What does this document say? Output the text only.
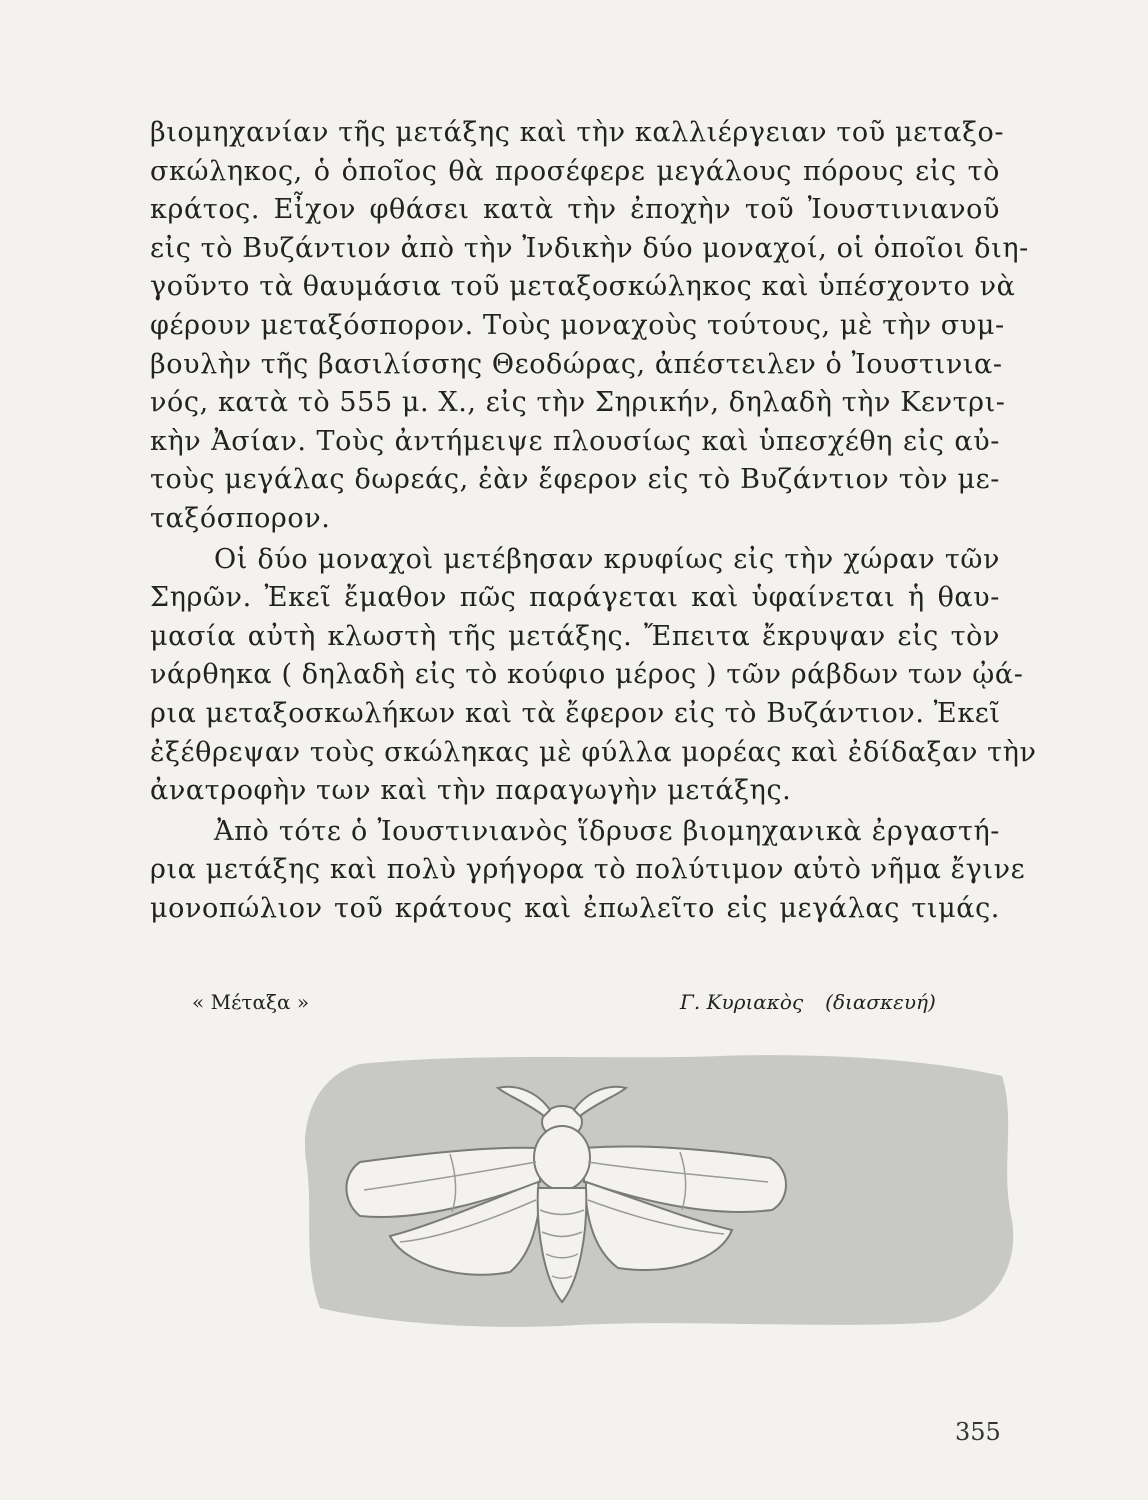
βιομηχανίαν τῆς μετάξης καὶ τὴν καλλιέργειαν τοῦ μεταξο-

σκώληκος, ὁ ὁποῖος θὰ προσέφερε μεγάλους πόρους εἰς τὸ

κράτος. Εἶχον φθάσει κατὰ τὴν ἐποχὴν τοῦ Ἰουστινιανοῦ

εἰς τὸ Βυζάντιον ἀπὸ τὴν Ἰνδικὴν δύο μοναχοί, οἱ ὁποῖοι διη-

γοῦντο τὰ θαυμάσια τοῦ μεταξοσκώληκος καὶ ὑπέσχοντο νὰ

φέρουν μεταξόσπορον. Τοὺς μοναχοὺς τούτους, μὲ τὴν συμ-

βουλὴν τῆς βασιλίσσης Θεοδώρας, ἀπέστειλεν ὁ Ἰουστινια-

νός, κατὰ τὸ 555 μ. Χ., εἰς τὴν Σηρικήν, δηλαδὴ τὴν Κεντρι-

κὴν Ἀσίαν. Τοὺς ἀντήμειψε πλουσίως καὶ ὑπεσχέθη εἰς αὐ-

τοὺς μεγάλας δωρεάς, ἐὰν ἔφερον εἰς τὸ Βυζάντιον τὸν με-

ταξόσπορον.

Οἱ δύο μοναχοὶ μετέβησαν κρυφίως εἰς τὴν χώραν τῶν

Σηρῶν. Ἐκεῖ ἔμαθον πῶς παράγεται καὶ ὑφαίνεται ἡ θαυ-

μασία αὐτὴ κλωστὴ τῆς μετάξης. Ἔπειτα ἔκρυψαν εἰς τὸν

νάρθηκα ( δηλαδὴ εἰς τὸ κούφιο μέρος ) τῶν ράβδων των ᾠά-

ρια μεταξοσκωλήκων καὶ τὰ ἔφερον εἰς τὸ Βυζάντιον. Ἐκεῖ

ἐξέθρεψαν τοὺς σκώληκας μὲ φύλλα μορέας καὶ ἐδίδαξαν τὴν

ἀνατροφὴν των καὶ τὴν παραγωγὴν μετάξης.

Ἀπὸ τότε ὁ Ἰουστινιανὸς ἵδρυσε βιομηχανικὰ ἐργαστή-

ρια μετάξης καὶ πολὺ γρήγορα τὸ πολύτιμον αὐτὸ νῆμα ἔγινε

μονοπώλιον τοῦ κράτους καὶ ἐπωλεῖτο εἰς μεγάλας τιμάς.

« Μέταξα »	Γ. Κυριακὸς (διασκευή)
355
